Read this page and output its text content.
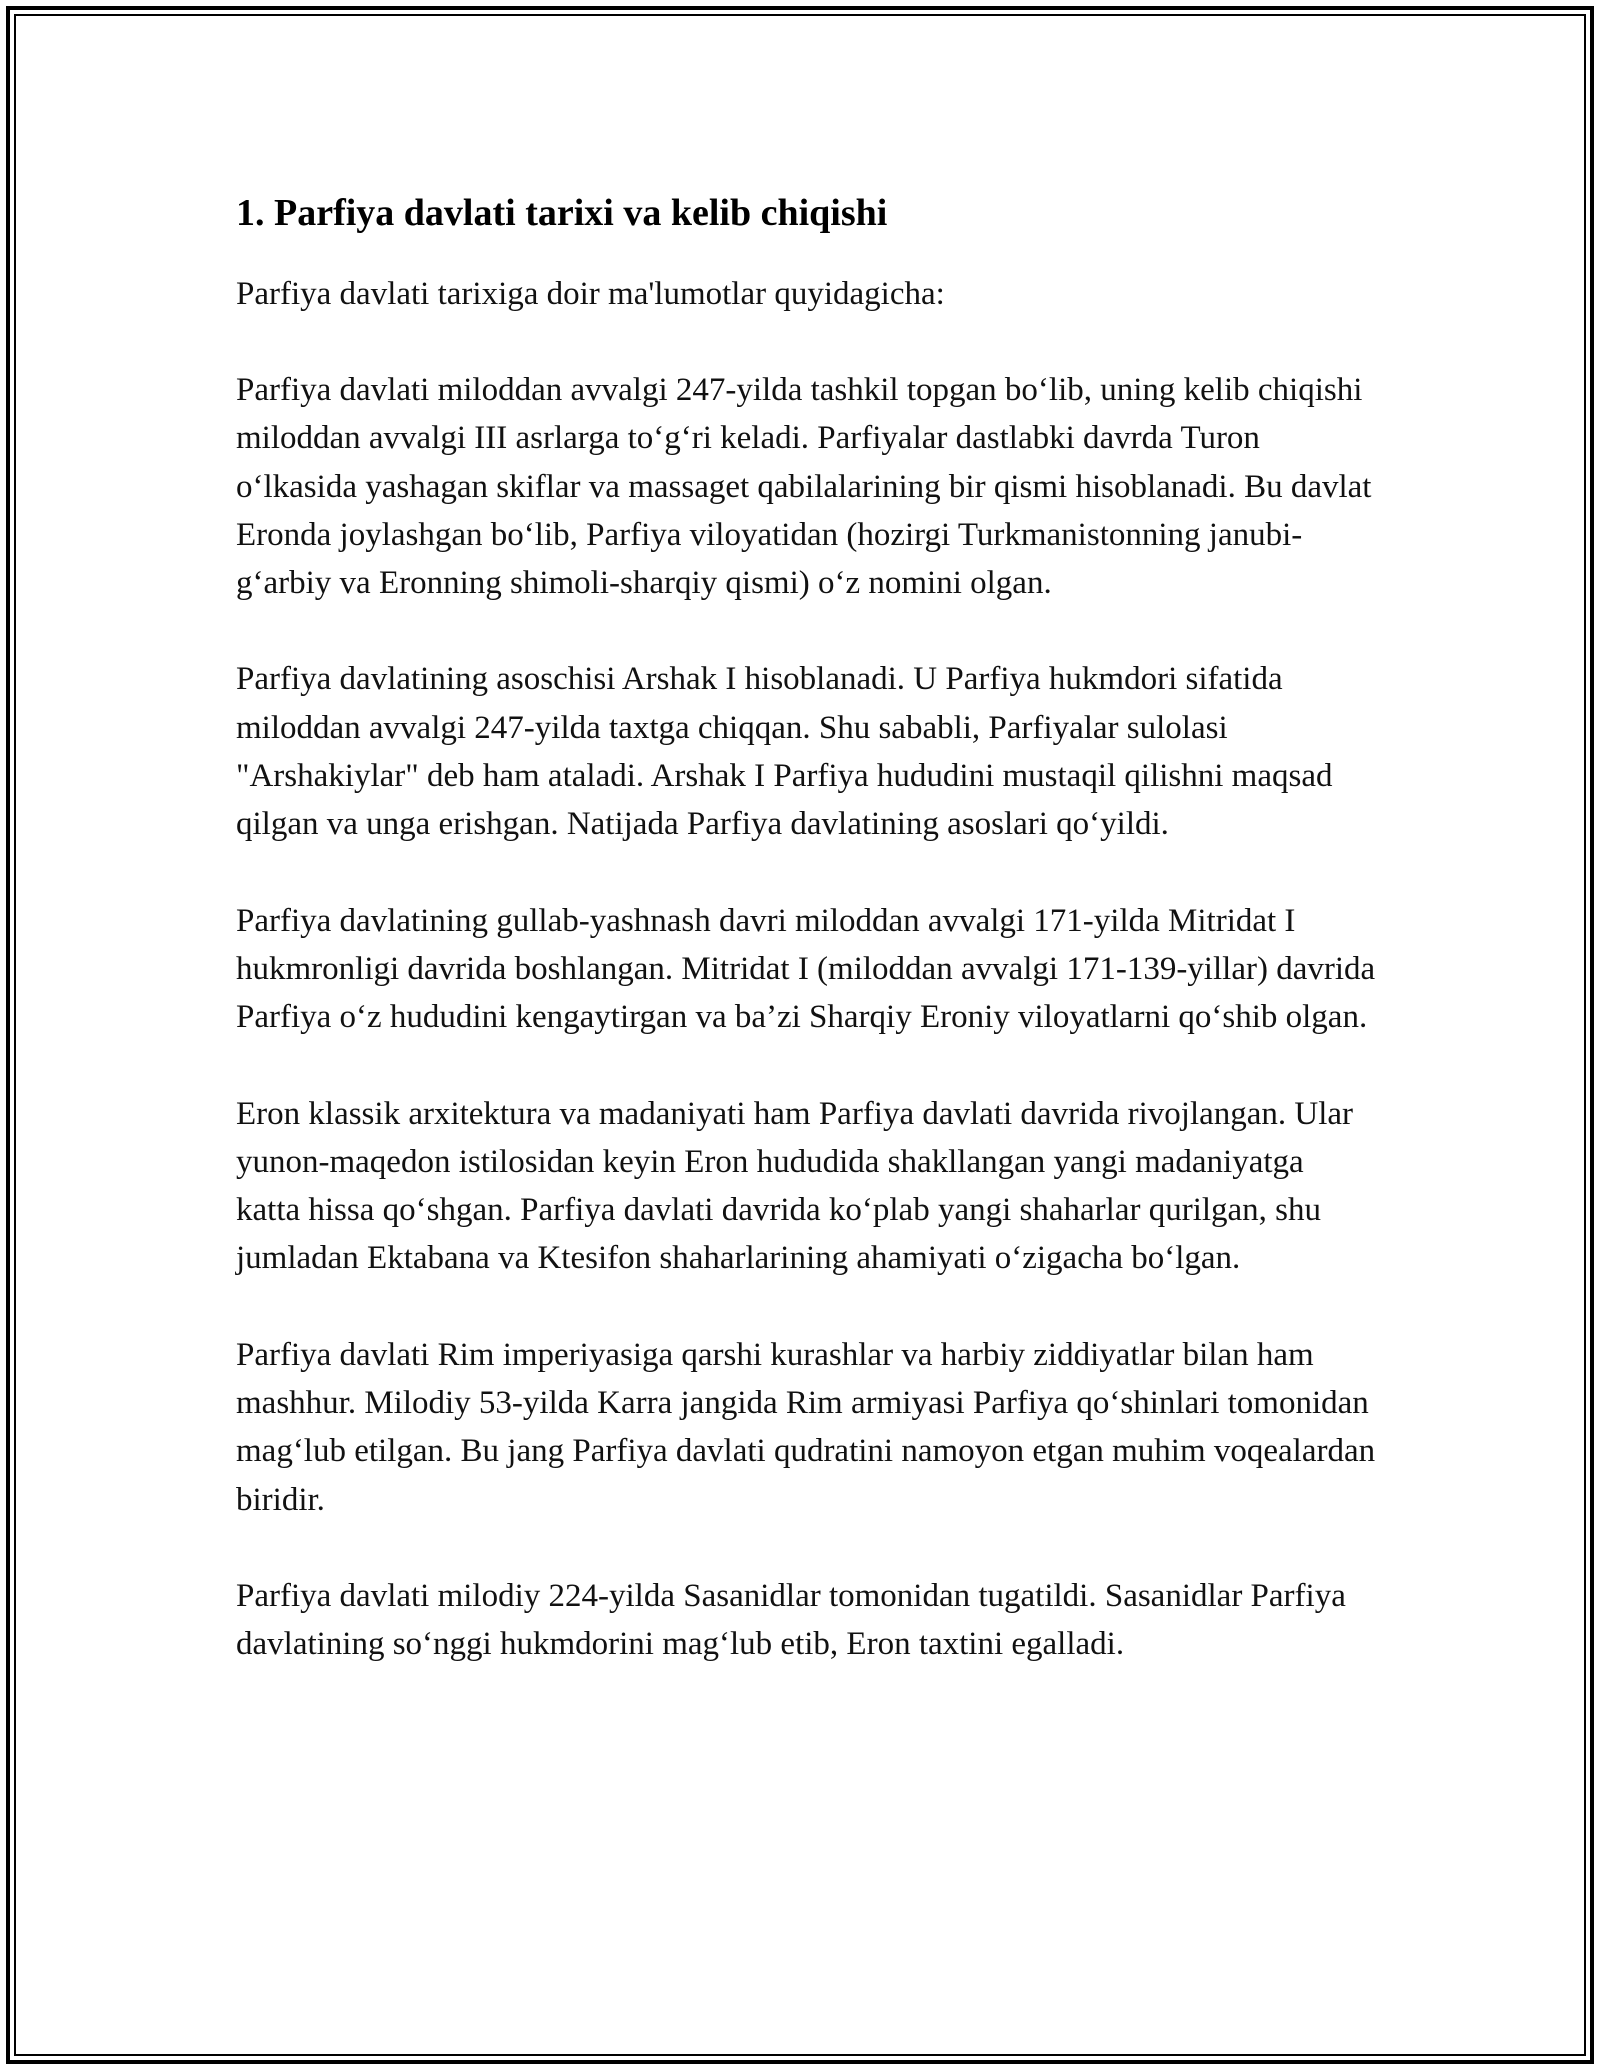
1. Parfiya davlati tarixi va kelib chiqishi

Parfiya davlati tarixiga doir ma'lumotlar quyidagicha:

Parfiya davlati miloddan avvalgi 247-yilda tashkil topgan bo‘lib, uning kelib chiqishi miloddan avvalgi III asrlarga to‘g‘ri keladi. Parfiyalar dastlabki davrda Turon o‘lkasida yashagan skiflar va massaget qabilalarining bir qismi hisoblanadi. Bu davlat Eronda joylashgan bo‘lib, Parfiya viloyatidan (hozirgi Turkmanistonning janubi-g‘arbiy va Eronning shimoli-sharqiy qismi) o‘z nomini olgan.

Parfiya davlatining asoschisi Arshak I hisoblanadi. U Parfiya hukmdori sifatida miloddan avvalgi 247-yilda taxtga chiqqan. Shu sababli, Parfiyalar sulolasi "Arshakiylar" deb ham ataladi. Arshak I Parfiya hududini mustaqil qilishni maqsad qilgan va unga erishgan. Natijada Parfiya davlatining asoslari qo‘yildi.

Parfiya davlatining gullab-yashnash davri miloddan avvalgi 171-yilda Mitridat I hukmronligi davrida boshlangan. Mitridat I (miloddan avvalgi 171-139-yillar) davrida Parfiya o‘z hududini kengaytirgan va ba’zi Sharqiy Eroniy viloyatlarni qo‘shib olgan.

Eron klassik arxitektura va madaniyati ham Parfiya davlati davrida rivojlangan. Ular yunon-maqedon istilosidan keyin Eron hududida shakllangan yangi madaniyatga katta hissa qo‘shgan. Parfiya davlati davrida ko‘plab yangi shaharlar qurilgan, shu jumladan Ektabana va Ktesifon shaharlarining ahamiyati o‘zigacha bo‘lgan.

Parfiya davlati Rim imperiyasiga qarshi kurashlar va harbiy ziddiyatlar bilan ham mashhur. Milodiy 53-yilda Karra jangida Rim armiyasi Parfiya qo‘shinlari tomonidan mag‘lub etilgan. Bu jang Parfiya davlati qudratini namoyon etgan muhim voqealardan biridir.

Parfiya davlati milodiy 224-yilda Sasanidlar tomonidan tugatildi. Sasanidlar Parfiya davlatining so‘nggi hukmdorini mag‘lub etib, Eron taxtini egalladi.
